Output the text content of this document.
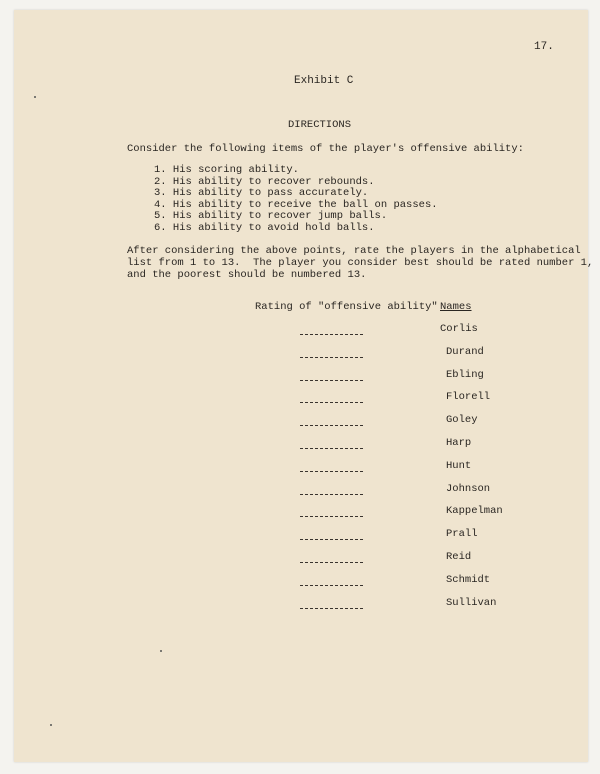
17.
Exhibit C
DIRECTIONS
Consider the following items of the player's offensive ability:
1. His scoring ability.
2. His ability to recover rebounds.
3. His ability to pass accurately.
4. His ability to receive the ball on passes.
5. His ability to recover jump balls.
6. His ability to avoid hold balls.
After considering the above points, rate the players in the alphabetical
list from 1 to 13.  The player you consider best should be rated number 1,
and the poorest should be numbered 13.
Rating of "offensive ability" Names
Corlis
Durand
Ebling
Florell
Goley
Harp
Hunt
Johnson
Kappelman
Prall
Reid
Schmidt
Sullivan
